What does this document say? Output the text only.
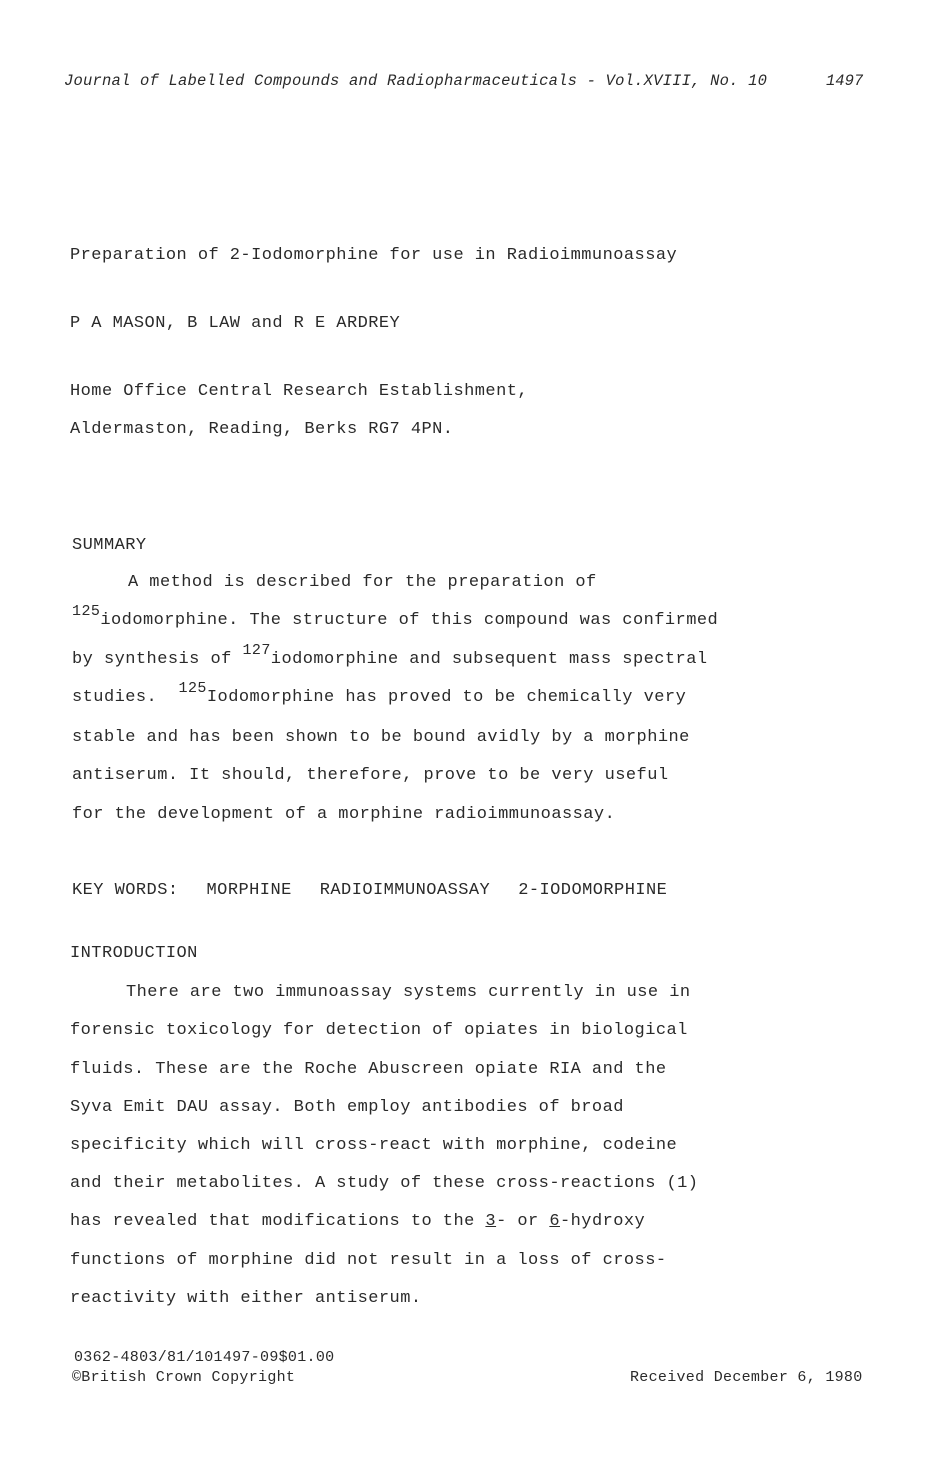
Journal of Labelled Compounds and Radiopharmaceuticals - Vol.XVIII, No. 10	1497
Preparation of 2-Iodomorphine for use in Radioimmunoassay
P A MASON, B LAW and R E ARDREY
Home Office Central Research Establishment,
Aldermaston, Reading, Berks RG7 4PN.
SUMMARY
A method is described for the preparation of
$^{125}$iodomorphine. The structure of this compound was confirmed
by synthesis of $^{127}$iodomorphine and subsequent mass spectral
studies.  $^{125}$Iodomorphine has proved to be chemically very
stable and has been shown to be bound avidly by a morphine
antiserum. It should, therefore, prove to be very useful
for the development of a morphine radioimmunoassay.
KEY WORDS: MORPHINE RADIOIMMUNOASSAY 2-IODOMORPHINE
INTRODUCTION
There are two immunoassay systems currently in use in
forensic toxicology for detection of opiates in biological
fluids. These are the Roche Abuscreen opiate RIA and the
Syva Emit DAU assay. Both employ antibodies of broad
specificity which will cross-react with morphine, codeine
and their metabolites. A study of these cross-reactions (1)
has revealed that modifications to the 3- or 6-hydroxy
functions of morphine did not result in a loss of cross-
reactivity with either antiserum.
0362-4803/81/101497-09$01.00
©British Crown Copyright	Received December 6, 1980
